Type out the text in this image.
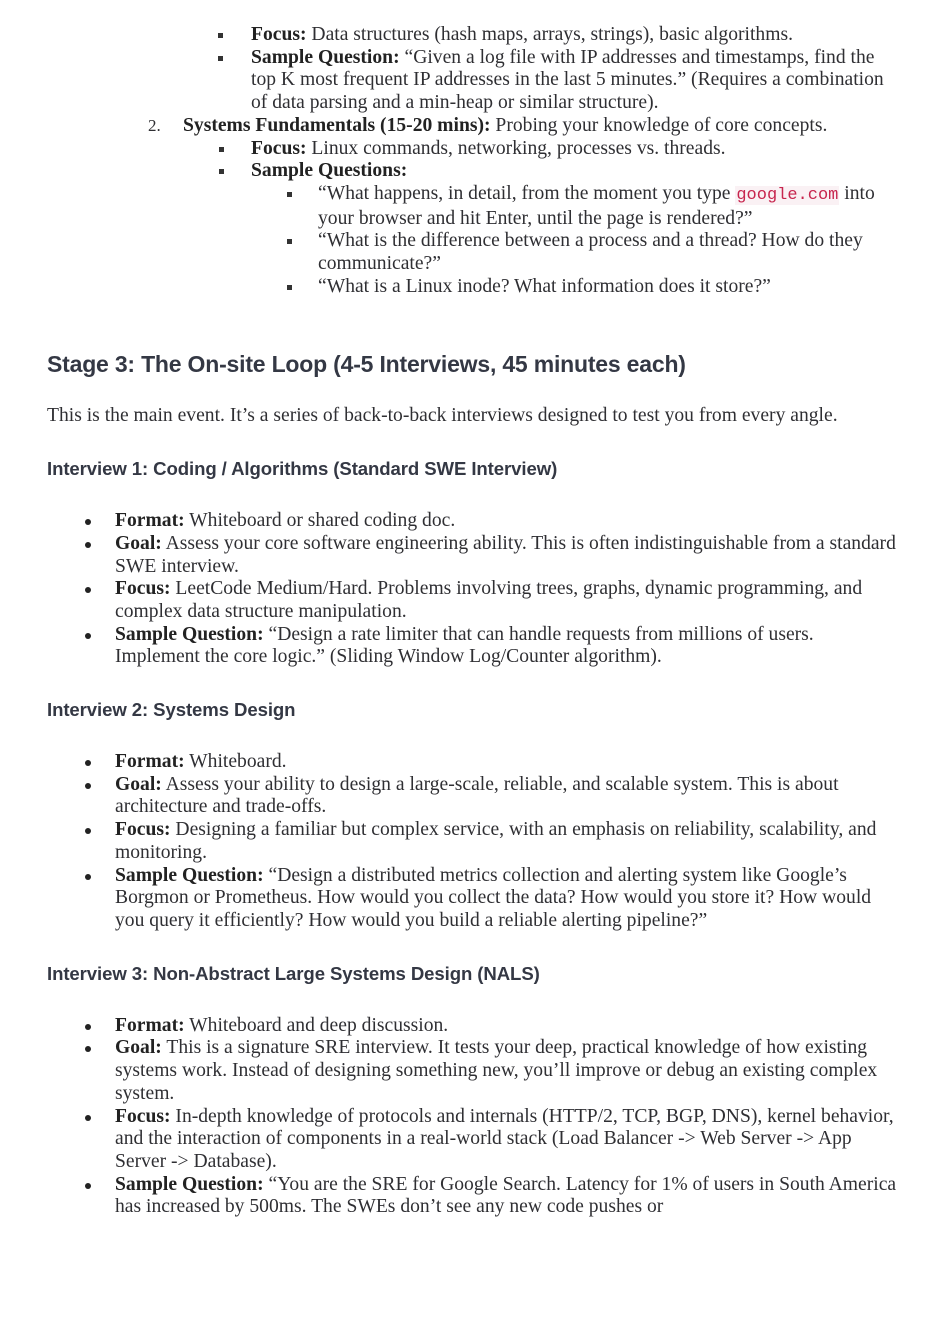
Focus: Data structures (hash maps, arrays, strings), basic algorithms.
Sample Question: “Given a log file with IP addresses and timestamps, find the top K most frequent IP addresses in the last 5 minutes.” (Requires a combination of data parsing and a min-heap or similar structure).
2. Systems Fundamentals (15-20 mins): Probing your knowledge of core concepts.
Focus: Linux commands, networking, processes vs. threads.
Sample Questions:
“What happens, in detail, from the moment you type google.com into your browser and hit Enter, until the page is rendered?”
“What is the difference between a process and a thread? How do they communicate?”
“What is a Linux inode? What information does it store?”
Stage 3: The On-site Loop (4-5 Interviews, 45 minutes each)

This is the main event. It’s a series of back-to-back interviews designed to test you from every angle.

Interview 1: Coding / Algorithms (Standard SWE Interview)
Format: Whiteboard or shared coding doc.
Goal: Assess your core software engineering ability. This is often indistinguishable from a standard SWE interview.
Focus: LeetCode Medium/Hard. Problems involving trees, graphs, dynamic programming, and complex data structure manipulation.
Sample Question: “Design a rate limiter that can handle requests from millions of users. Implement the core logic.” (Sliding Window Log/Counter algorithm).
Interview 2: Systems Design
Format: Whiteboard.
Goal: Assess your ability to design a large-scale, reliable, and scalable system. This is about architecture and trade-offs.
Focus: Designing a familiar but complex service, with an emphasis on reliability, scalability, and monitoring.
Sample Question: “Design a distributed metrics collection and alerting system like Google’s Borgmon or Prometheus. How would you collect the data? How would you store it? How would you query it efficiently? How would you build a reliable alerting pipeline?”
Interview 3: Non-Abstract Large Systems Design (NALS)
Format: Whiteboard and deep discussion.
Goal: This is a signature SRE interview. It tests your deep, practical knowledge of how existing systems work. Instead of designing something new, you’ll improve or debug an existing complex system.
Focus: In-depth knowledge of protocols and internals (HTTP/2, TCP, BGP, DNS), kernel behavior, and the interaction of components in a real-world stack (Load Balancer -> Web Server -> App Server -> Database).
Sample Question: “You are the SRE for Google Search. Latency for 1% of users in South America has increased by 500ms. The SWEs don’t see any new code pushes or
